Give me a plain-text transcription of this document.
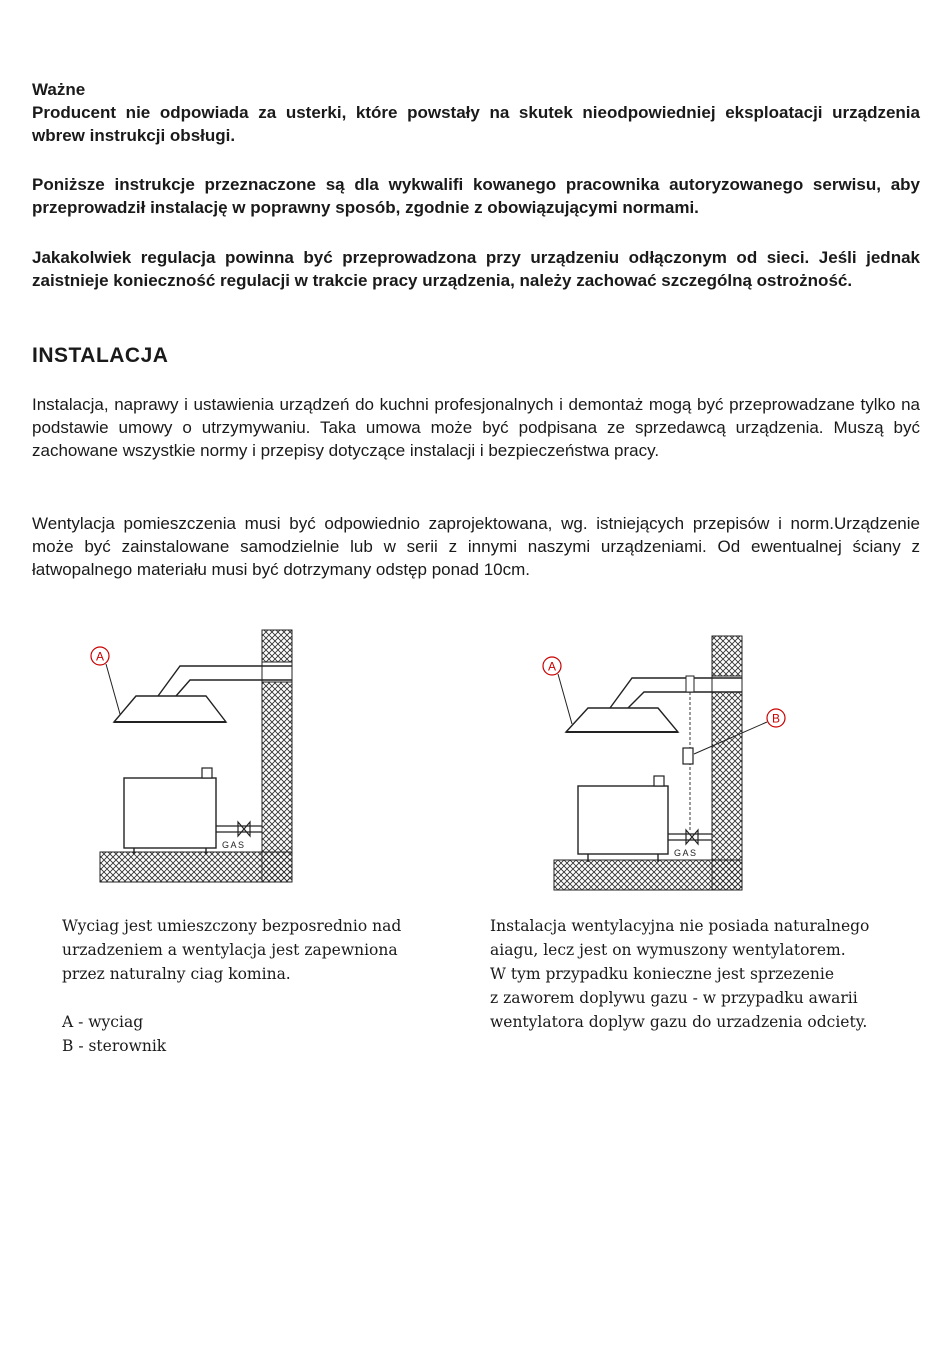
Ważne

Producent nie odpowiada za usterki, które powstały na skutek nieodpowiedniej eksploatacji urządzenia wbrew instrukcji obsługi.

Poniższe instrukcje przeznaczone są dla wykwalifi kowanego pracownika autoryzowanego serwisu, aby przeprowadził instalację w poprawny sposób, zgodnie z obowiązującymi normami.

Jakakolwiek regulacja powinna być przeprowadzona przy urządzeniu odłączonym od sieci. Jeśli jednak zaistnieje konieczność regulacji w trakcie pracy urządzenia, należy zachować szczególną ostrożność.

INSTALACJA

Instalacja, naprawy i ustawienia urządzeń do kuchni profesjonalnych i demontaż mogą być przeprowadzane tylko na podstawie umowy o utrzymywaniu. Taka umowa może być podpisana ze sprzedawcą urządzenia. Muszą być zachowane wszystkie normy i przepisy dotyczące instalacji i bezpieczeństwa pracy.

Wentylacja pomieszczenia musi być odpowiednio zaprojektowana, wg. istniejących przepisów i norm.Urządzenie może być zainstalowane samodzielnie lub w serii z innymi naszymi urządzeniami. Od ewentualnej ściany z łatwopalnego materiału musi być dotrzymany odstęp ponad 10cm.

GAS
A
GAS
A
B
Wyciag jest umieszczony bezposrednio nad
urzadzeniem a wentylacja jest zapewniona
przez naturalny ciag komina.
A - wyciag
B - sterownik
Instalacja wentylacyjna nie posiada naturalnego
aiagu, lecz jest on wymuszony wentylatorem.
W tym przypadku konieczne jest sprzezenie
z zaworem doplywu gazu - w przypadku awarii
wentylatora doplyw gazu do urzadzenia odciety.
